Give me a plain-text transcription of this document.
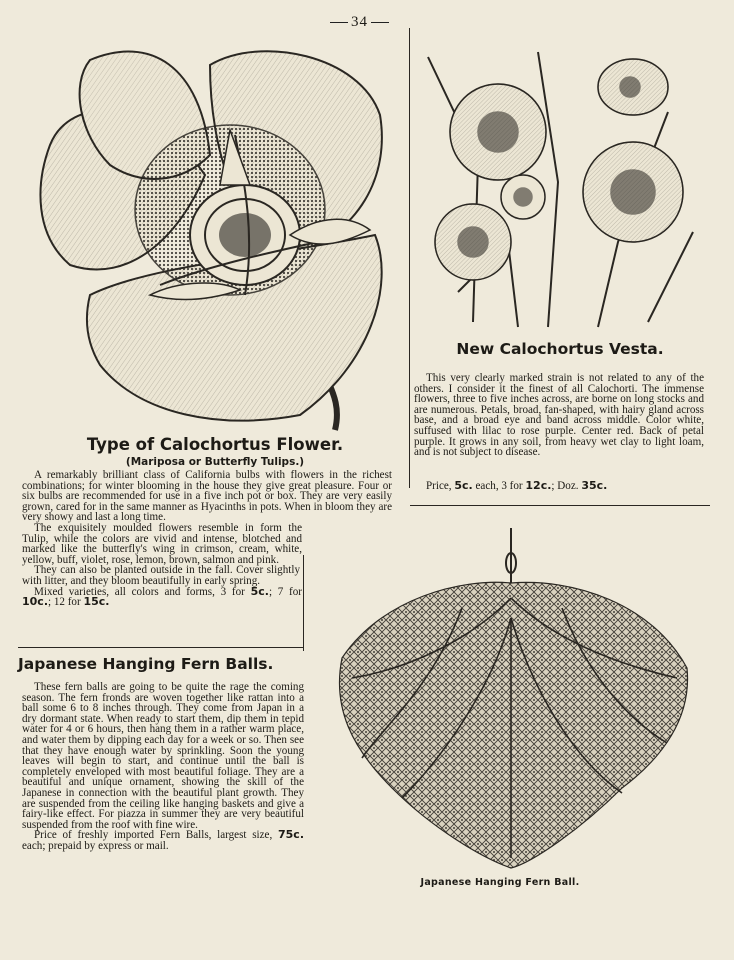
34
New Calochortus Vesta.

This very clearly marked strain is not related to any of the others. I consider it the finest of all Calochorti. The immense flowers, three to five inches across, are borne on long stocks and are numerous. Petals, broad, fan-shaped, with hairy gland across base, and a broad eye and band across middle. Color white, suffused with lilac to rose purple. Center red. Back of petal purple. It grows in any soil, from heavy wet clay to light loam, and is not subject to disease.

Price, 5c. each, 3 for 12c.; Doz. 35c.
Type of Calochortus Flower.
(Mariposa or Butterfly Tulips.)

A remarkably brilliant class of California bulbs with flowers in the richest combinations; for winter blooming in the house they give great pleasure. Four or six bulbs are recommended for use in a five inch pot or box. They are very easily grown, cared for in the same manner as Hyacinths in pots. When in bloom they are very showy and last a long time.

The exquisitely moulded flowers resemble in form the Tulip, while the colors are vivid and intense, blotched and marked like the butterfly's wing in crimson, cream, white, yellow, buff, violet, rose, lemon, brown, salmon and pink.

They can also be planted outside in the fall. Cover slightly with litter, and they bloom beautifully in early spring.

Mixed varieties, all colors and forms, 3 for 5c.; 7 for 10c.; 12 for 15c.

Japanese Hanging Fern Balls.

These fern balls are going to be quite the rage the coming season. The fern fronds are woven together like rattan into a ball some 6 to 8 inches through. They come from Japan in a dry dormant state. When ready to start them, dip them in tepid water for 4 or 6 hours, then hang them in a rather warm place, and water them by dipping each day for a week or so. Then see that they have enough water by sprinkling. Soon the young leaves will begin to start, and continue until the ball is completely enveloped with most beautiful foliage. They are a beautiful and unique ornament, showing the skill of the Japanese in connection with the beautiful plant growth. They are suspended from the ceiling like hanging baskets and give a fairy-like effect. For piazza in summer they are very beautiful suspended from the roof with fine wire.

Price of freshly imported Fern Balls, largest size, 75c. each; prepaid by express or mail.

Japanese Hanging Fern Ball.
